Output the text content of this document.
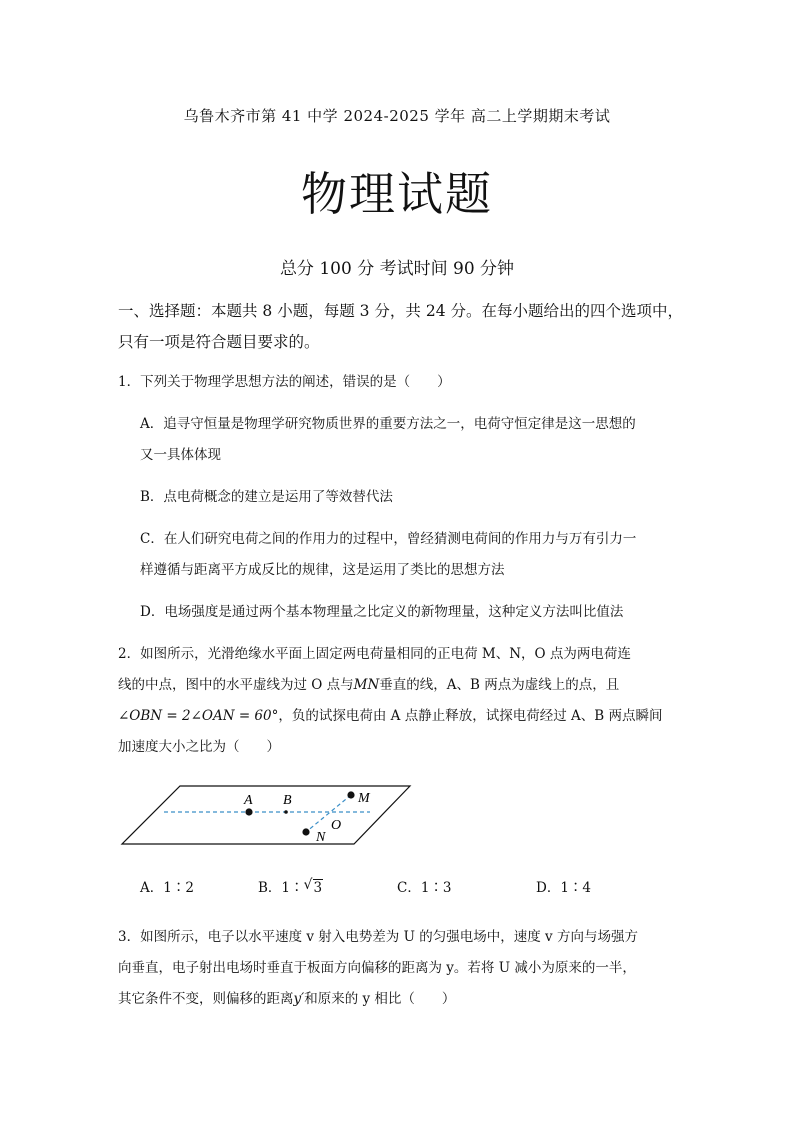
乌鲁木齐市第 41 中学 2024-2025 学年 高二上学期期末考试
物理试题
总分 100 分 考试时间 90 分钟
一、选择题：本题共 8 小题，每题 3 分，共 24 分。在每小题给出的四个选项中，
只有一项是符合题目要求的。
1．下列关于物理学思想方法的阐述，错误的是（　　）

A．追寻守恒量是物理学研究物质世界的重要方法之一，电荷守恒定律是这一思想的

又一具体体现

B．点电荷概念的建立是运用了等效替代法

C．在人们研究电荷之间的作用力的过程中，曾经猜测电荷间的作用力与万有引力一

样遵循与距离平方成反比的规律，这是运用了类比的思想方法

D．电场强度是通过两个基本物理量之比定义的新物理量，这种定义方法叫比值法

2．如图所示，光滑绝缘水平面上固定两电荷量相同的正电荷 M、N，O 点为两电荷连

线的中点，图中的水平虚线为过 O 点与MN垂直的线，A、B 两点为虚线上的点，且

∠OBN = 2∠OAN = 60°，负的试探电荷由 A 点静止释放，试探电荷经过 A、B 两点瞬间

加速度大小之比为（　　）

A B	M
N
O
A．1∶2	B．1∶ √ 3	C．1∶3	D．1∶4

3．如图所示，电子以水平速度 v 射入电势差为 U 的匀强电场中，速度 v 方向与场强方

向垂直，电子射出电场时垂直于板面方向偏移的距离为 y。若将 U 减小为原来的一半，

其它条件不变，则偏移的距离y′和原来的 y 相比（　　）
